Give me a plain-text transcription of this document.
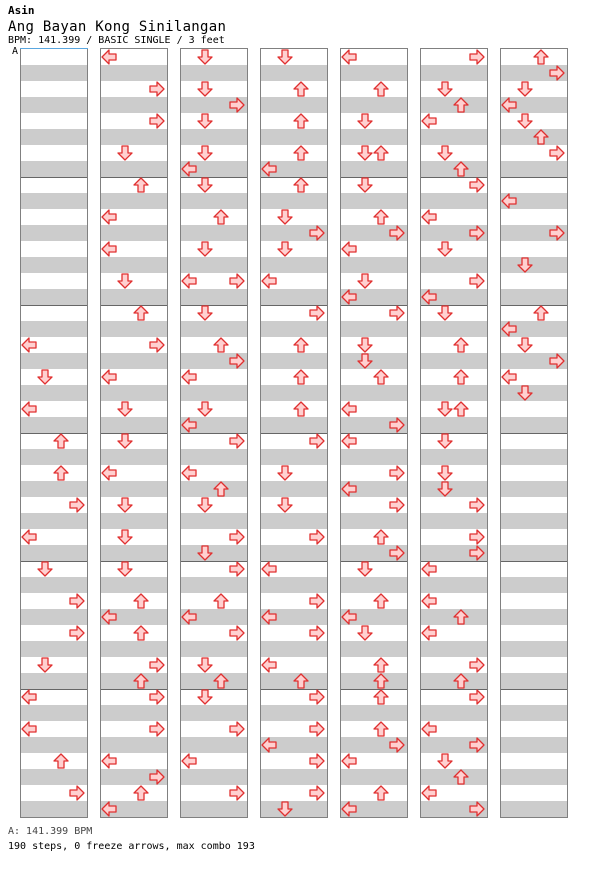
Asin
Ang Bayan Kong Sinilangan
BPM: 141.399 / BASIC SINGLE / 3 feet
A
A: 141.399 BPM
190 steps, 0 freeze arrows, max combo 193
